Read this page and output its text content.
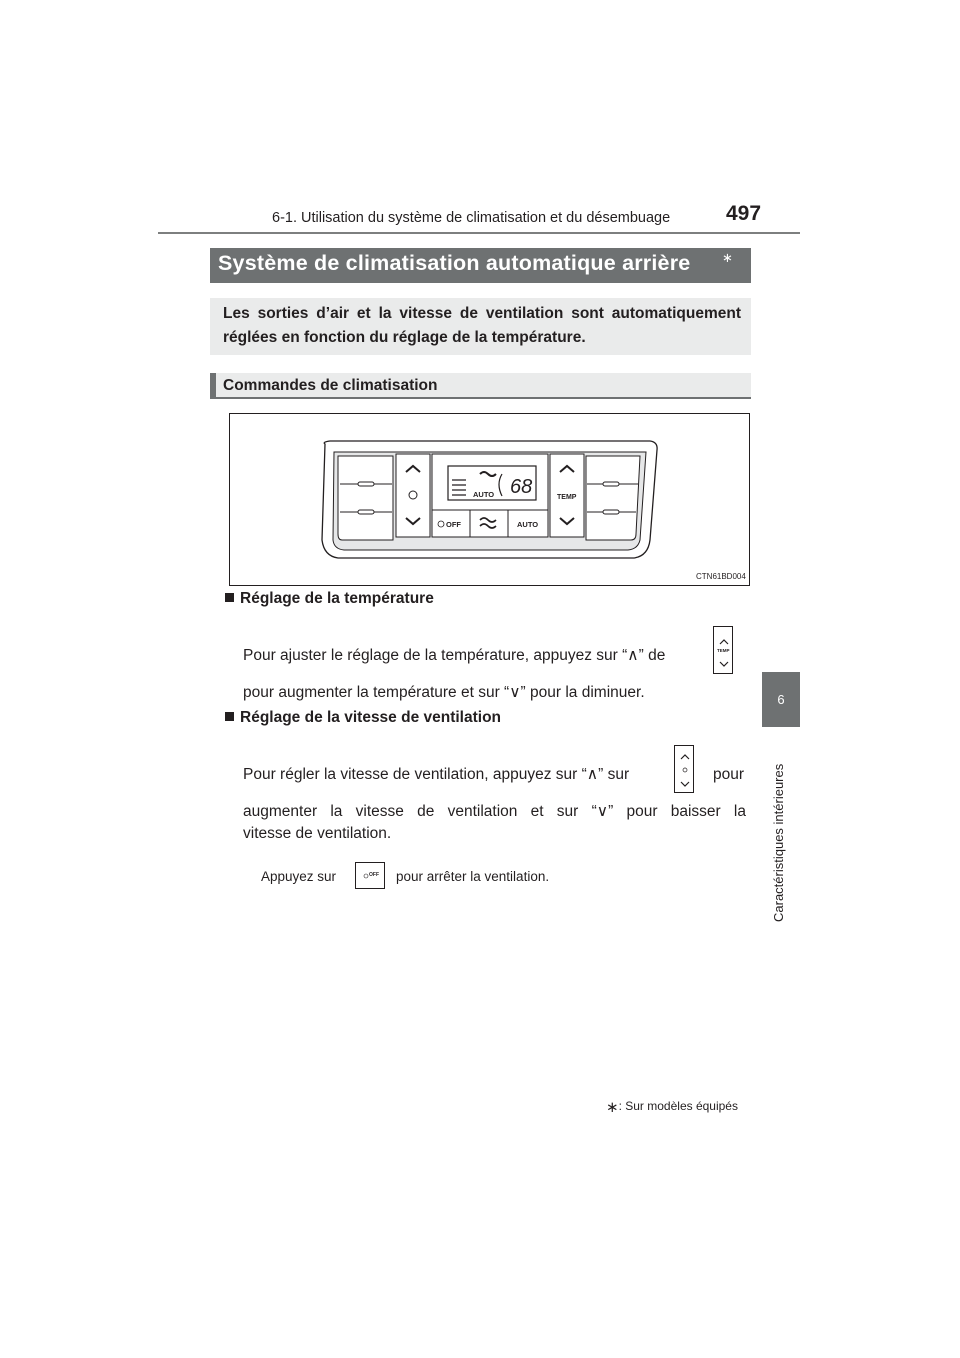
6-1. Utilisation du système de climatisation et du désembuage	497
6
Caractéristiques intérieures
Système de climatisation automatique arrière ∗
Les sorties d’air et la vitesse de ventilation sont automatiquement réglées en fonction du réglage de la température.
Commandes de climatisation
68
AUTO	TEMP
OFF	AUTO
CTN61BD004
Réglage de la température
Pour ajuster le réglage de la température, appuyez sur “∧” de	TEMP
pour augmenter la température et sur “∨” pour la diminuer.
Réglage de la vitesse de ventilation
Pour régler la vitesse de ventilation, appuyez sur “∧” sur	pour
augmenter la vitesse de ventilation et sur “∨” pour baisser la
vitesse de ventilation.
Appuyez sur	OFF pour arrêter la ventilation.
∗: Sur modèles équipés
